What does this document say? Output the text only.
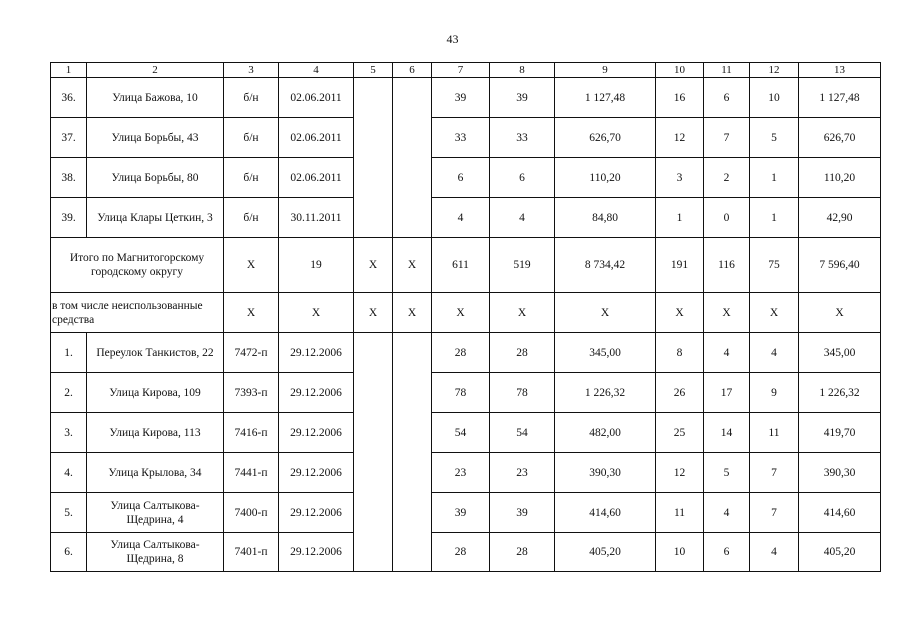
43
1	2	3	4	5	6	7	8	9	10	11	12	13
36.	Улица Бажова, 10	б/н	02.06.2011			39	39	1 127,48	16	6	10	1 127,48
37.	Улица Борьбы, 43	б/н	02.06.2011			33	33	626,70	12	7	5	626,70
38.	Улица Борьбы, 80	б/н	02.06.2011			6	6	110,20	3	2	1	110,20
39.	Улица Клары Цеткин, 3	б/н	30.11.2011			4	4	84,80	1	0	1	42,90
Итого по Магнитогорскому городскому округу		X	19	X	X	611	519	8 734,42	191	116	75	7 596,40
в том числе неиспользованные средства		X	X	X	X	X	X	X	X	X	X	X
1.	Переулок Танкистов, 22	7472-п	29.12.2006			28	28	345,00	8	4	4	345,00
2.	Улица Кирова, 109	7393-п	29.12.2006			78	78	1 226,32	26	17	9	1 226,32
3.	Улица Кирова, 113	7416-п	29.12.2006			54	54	482,00	25	14	11	419,70
4.	Улица Крылова, 34	7441-п	29.12.2006			23	23	390,30	12	5	7	390,30
5.	Улица Салтыкова-Щедрина, 4	7400-п	29.12.2006			39	39	414,60	11	4	7	414,60
6.	Улица Салтыкова-Щедрина, 8	7401-п	29.12.2006			28	28	405,20	10	6	4	405,20
